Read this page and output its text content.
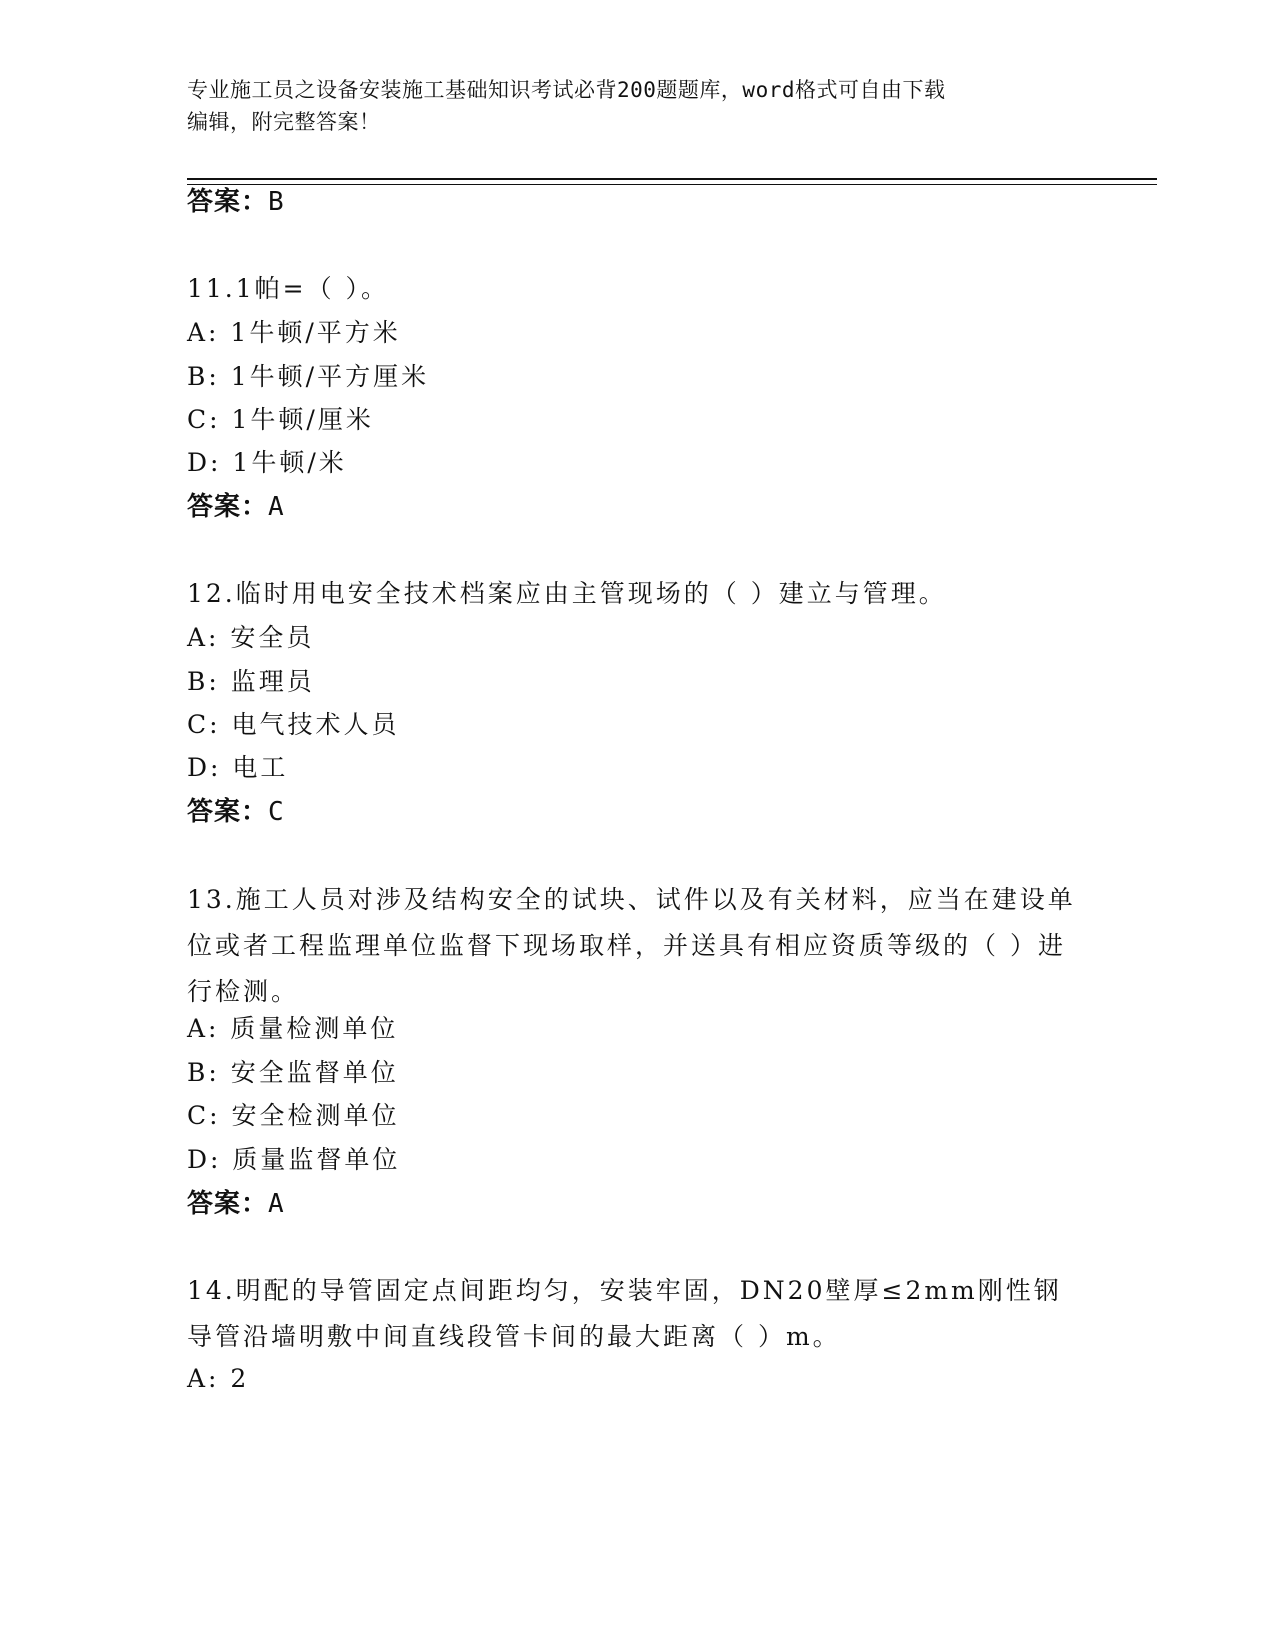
专业施工员之设备安装施工基础知识考试必背200题题库，word格式可自由下载
编辑，附完整答案！
答案：B
11.1帕=（ ）。
A: 1牛顿/平方米
B: 1牛顿/平方厘米
C: 1牛顿/厘米
D: 1牛顿/米
答案：A
12.临时用电安全技术档案应由主管现场的（ ）建立与管理。
A: 安全员
B: 监理员
C: 电气技术人员
D: 电工
答案：C
13.施工人员对涉及结构安全的试块、试件以及有关材料，应当在建设单位或者工程监理单位监督下现场取样，并送具有相应资质等级的（ ）进行检测。
A: 质量检测单位
B: 安全监督单位
C: 安全检测单位
D: 质量监督单位
答案：A
14.明配的导管固定点间距均匀，安装牢固，DN20壁厚≤2mm刚性钢导管沿墙明敷中间直线段管卡间的最大距离（ ）m。
A: 2
